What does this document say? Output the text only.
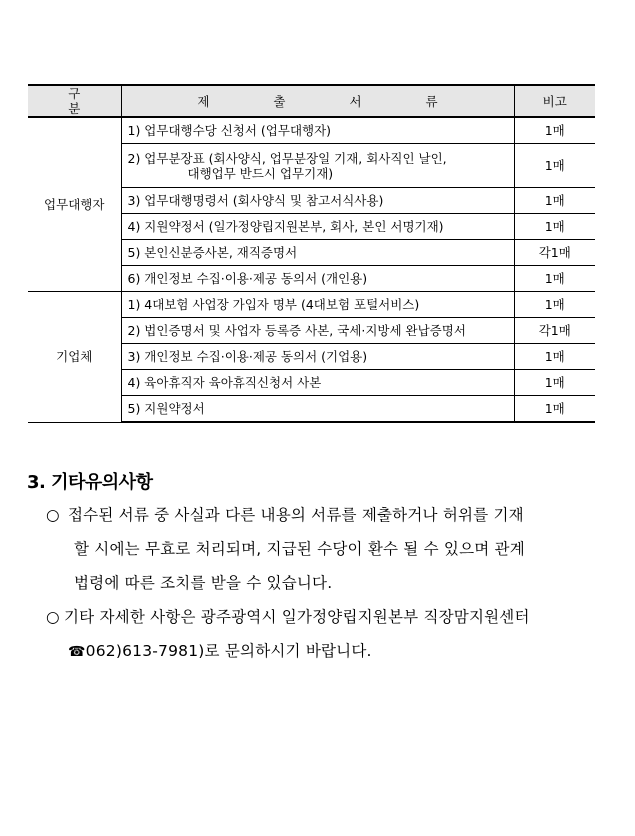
구 분	제 출 서 류	비고
업무대행자	1) 업무대행수당 신청서 (업무대행자)	1매
	2) 업무분장표 (회사양식, 업무분장일 기재, 회사직인 날인,
대행업무 반드시 업무기재)	1매
	3) 업무대행명령서 (회사양식 및 참고서식사용)	1매
	4) 지원약정서 (일가정양립지원본부, 회사, 본인 서명기재)	1매
	5) 본인신분증사본, 재직증명서	각1매
	6) 개인정보 수집·이용·제공 동의서 (개인용)	1매
기업체	1) 4대보험 사업장 가입자 명부 (4대보험 포털서비스)	1매
	2) 법인증명서 및 사업자 등록증 사본, 국세·지방세 완납증명서	각1매
	3) 개인정보 수집·이용·제공 동의서 (기업용)	1매
	4) 육아휴직자 육아휴직신청서 사본	1매
	5) 지원약정서	1매
3. 기타유의사항
○ 접수된 서류 중 사실과 다른 내용의 서류를 제출하거나 허위를 기재
할 시에는 무효로 처리되며, 지급된 수당이 환수 될 수 있으며 관계
법령에 따른 조치를 받을 수 있습니다.
○ 기타 자세한 사항은 광주광역시 일가정양립지원본부 직장맘지원센터
☎062)613-7981)로 문의하시기 바랍니다.
